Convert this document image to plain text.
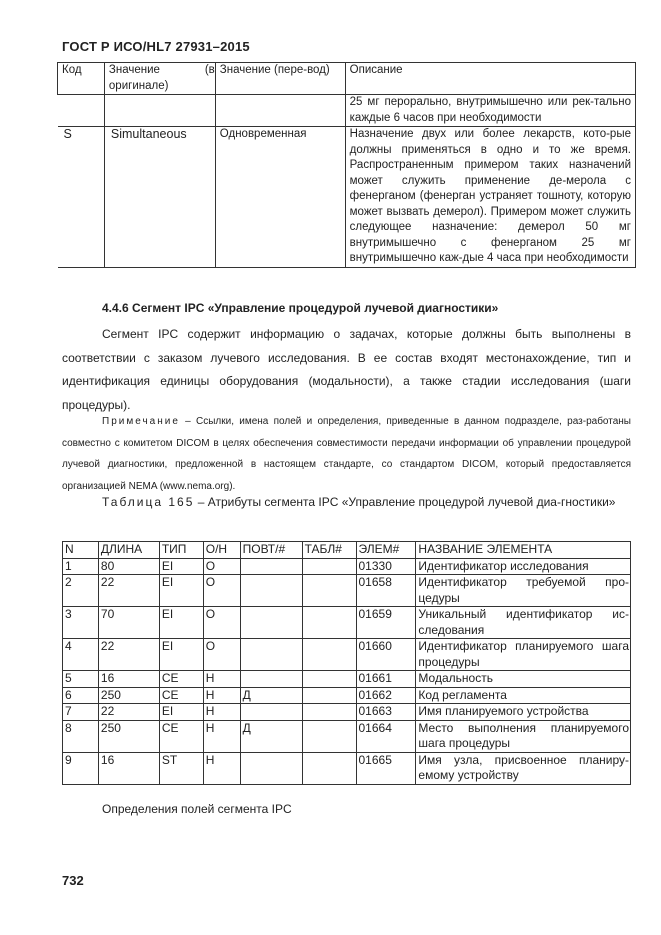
ГОСТ Р ИСО/HL7 27931–2015
Код	Значение (в оригинале)	Значение (пере-вод)	Описание
			25 мг перорально, внутримышечно или рек-тально каждые 6 часов при необходимости
S	Simultaneous	Одновременная	Назначение двух или более лекарств, кото-рые должны применяться в одно и то же время. Распространенным примером таких назначений может служить применение де-мерола с фенерганом (фенерган устраняет тошноту, которую может вызвать демерол). Примером может служить следующее назначение: демерол 50 мг внутримышечно с фенерганом 25 мг внутримышечно каж-дые 4 часа при необходимости
4.4.6 Сегмент IPC «Управление процедурой лучевой диагностики»
Сегмент IPC содержит информацию о задачах, которые должны быть выполнены в соответствии с заказом лучевого исследования. В ее состав входят местонахождение, тип и идентификация единицы оборудования (модальности), а также стадии исследования (шаги процедуры).
Примечание – Ссылки, имена полей и определения, приведенные в данном подразделе, раз-работаны совместно с комитетом DICOM в целях обеспечения совместимости передачи информации об управлении процедурой лучевой диагностики, предложенной в настоящем стандарте, со стандартом DICOM, который предоставляется организацией NEMA (www.nema.org).
Таблица 165 – Атрибуты сегмента IPC «Управление процедурой лучевой диа-гностики»
N	ДЛИНА	ТИП	О/Н	ПОВТ/#	ТАБЛ#	ЭЛЕМ#	НАЗВАНИЕ ЭЛЕМЕНТА
1	80	EI	О			01330	Идентификатор исследования
2	22	EI	О			01658	Идентификатор требуемой про-цедуры
3	70	EI	О			01659	Уникальный идентификатор ис-следования
4	22	EI	О			01660	Идентификатор планируемого шага процедуры
5	16	CE	Н			01661	Модальность
6	250	CE	Н	Д		01662	Код регламента
7	22	EI	Н			01663	Имя планируемого устройства
8	250	CE	Н	Д		01664	Место выполнения планируемого шага процедуры
9	16	ST	Н			01665	Имя узла, присвоенное планиру-емому устройству
Определения полей сегмента IPC
732
